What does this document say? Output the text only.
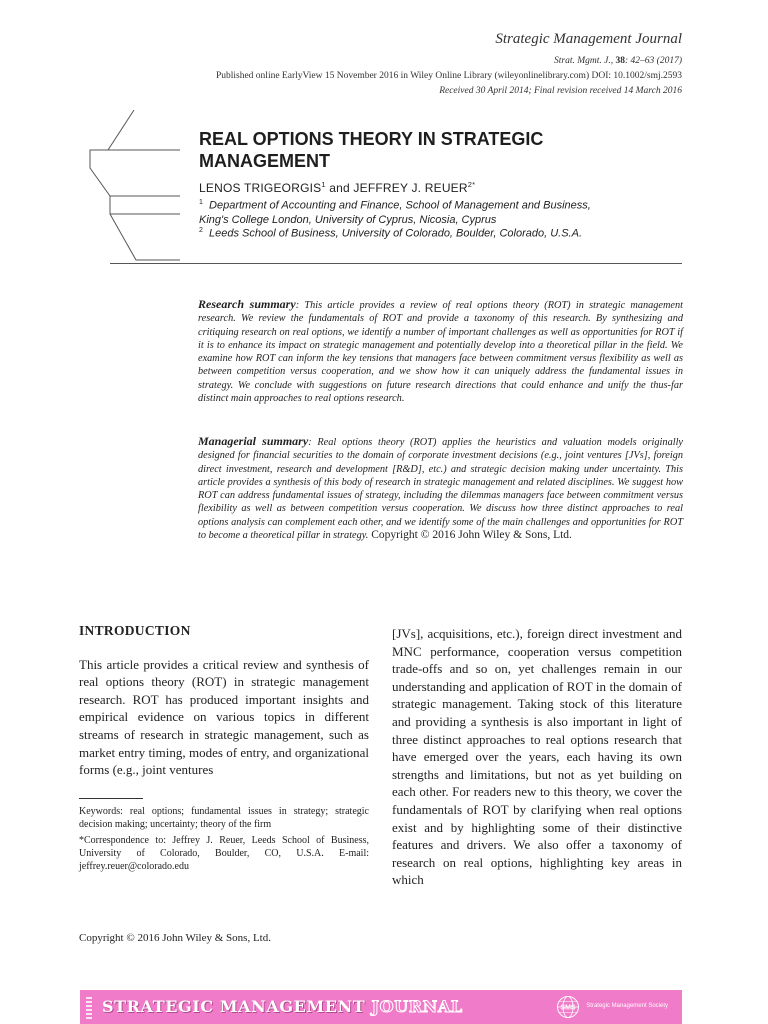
Strategic Management Journal
Strat. Mgmt. J., 38: 42–63 (2017)
Published online EarlyView 15 November 2016 in Wiley Online Library (wileyonlinelibrary.com) DOI: 10.1002/smj.2593
Received 30 April 2014; Final revision received 14 March 2016
REAL OPTIONS THEORY IN STRATEGIC
MANAGEMENT
LENOS TRIGEORGIS$^1$ and JEFFREY J. $REUER^{2*}$
$^1$ Department of Accounting and Finance, School of Management and Business,
King's College London, University of Cyprus, Nicosia, Cyprus
$^2$ Leeds School of Business, University of Colorado, Boulder, Colorado, U.S.A.
Research summary: This article provides a review of real options theory (ROT) in strategic management research. We review the fundamentals of ROT and provide a taxonomy of this research. By synthesizing and critiquing research on real options, we identify a number of important challenges as well as opportunities for ROT if it is to enhance its impact on strategic management and potentially develop into a theoretical pillar in the field. We examine how ROT can inform the key tensions that managers face between commitment versus flexibility as well as between competition versus cooperation, and we show how it can uniquely address the fundamental issues in strategy. We conclude with suggestions on future research directions that could enhance and unify the thus-far distinct main approaches to real options research.
Managerial summary: Real options theory (ROT) applies the heuristics and valuation models originally designed for financial securities to the domain of corporate investment decisions (e.g., joint ventures [JVs], foreign direct investment, research and development [R&D], etc.) and strategic decision making under uncertainty. This article provides a synthesis of this body of research in strategic management and related disciplines. We suggest how ROT can address fundamental issues of strategy, including the dilemmas managers face between commitment versus flexibility as well as between competition versus cooperation. We discuss how three distinct approaches to real options analysis can complement each other, and we identify some of the main challenges and opportunities for ROT to become a theoretical pillar in strategy. Copyright © 2016 John Wiley & Sons, Ltd.
INTRODUCTION

This article provides a critical review and synthesis of real options theory (ROT) in strategic management research. ROT has produced important insights and empirical evidence on various topics in different streams of research in strategic management, such as market entry timing, modes of entry, and organizational forms (e.g., joint ventures

[JVs], acquisitions, etc.), foreign direct investment and MNC performance, cooperation versus competition trade-offs and so on, yet challenges remain in our understanding and application of ROT in the domain of strategic management. Taking stock of this literature and providing a synthesis is also important in light of three distinct approaches to real options research that have emerged over the years, each having its own strengths and limitations, but not as yet building on each other. For readers new to this theory, we cover the fundamentals of ROT by clarifying when real options exist and by highlighting some of their distinctive features and drivers. We also offer a taxonomy of research on real options, highlighting key areas in which

Keywords: real options; fundamental issues in strategy; strategic decision making; uncertainty; theory of the firm
*Correspondence to: Jeffrey J. Reuer, Leeds School of Business, University of Colorado, Boulder, CO, U.S.A. E-mail: jeffrey.reuer@colorado.edu
Copyright © 2016 John Wiley & Sons, Ltd.
STRATEGIC MANAGEMENT JOURNAL	SMS Strategic Management Society
